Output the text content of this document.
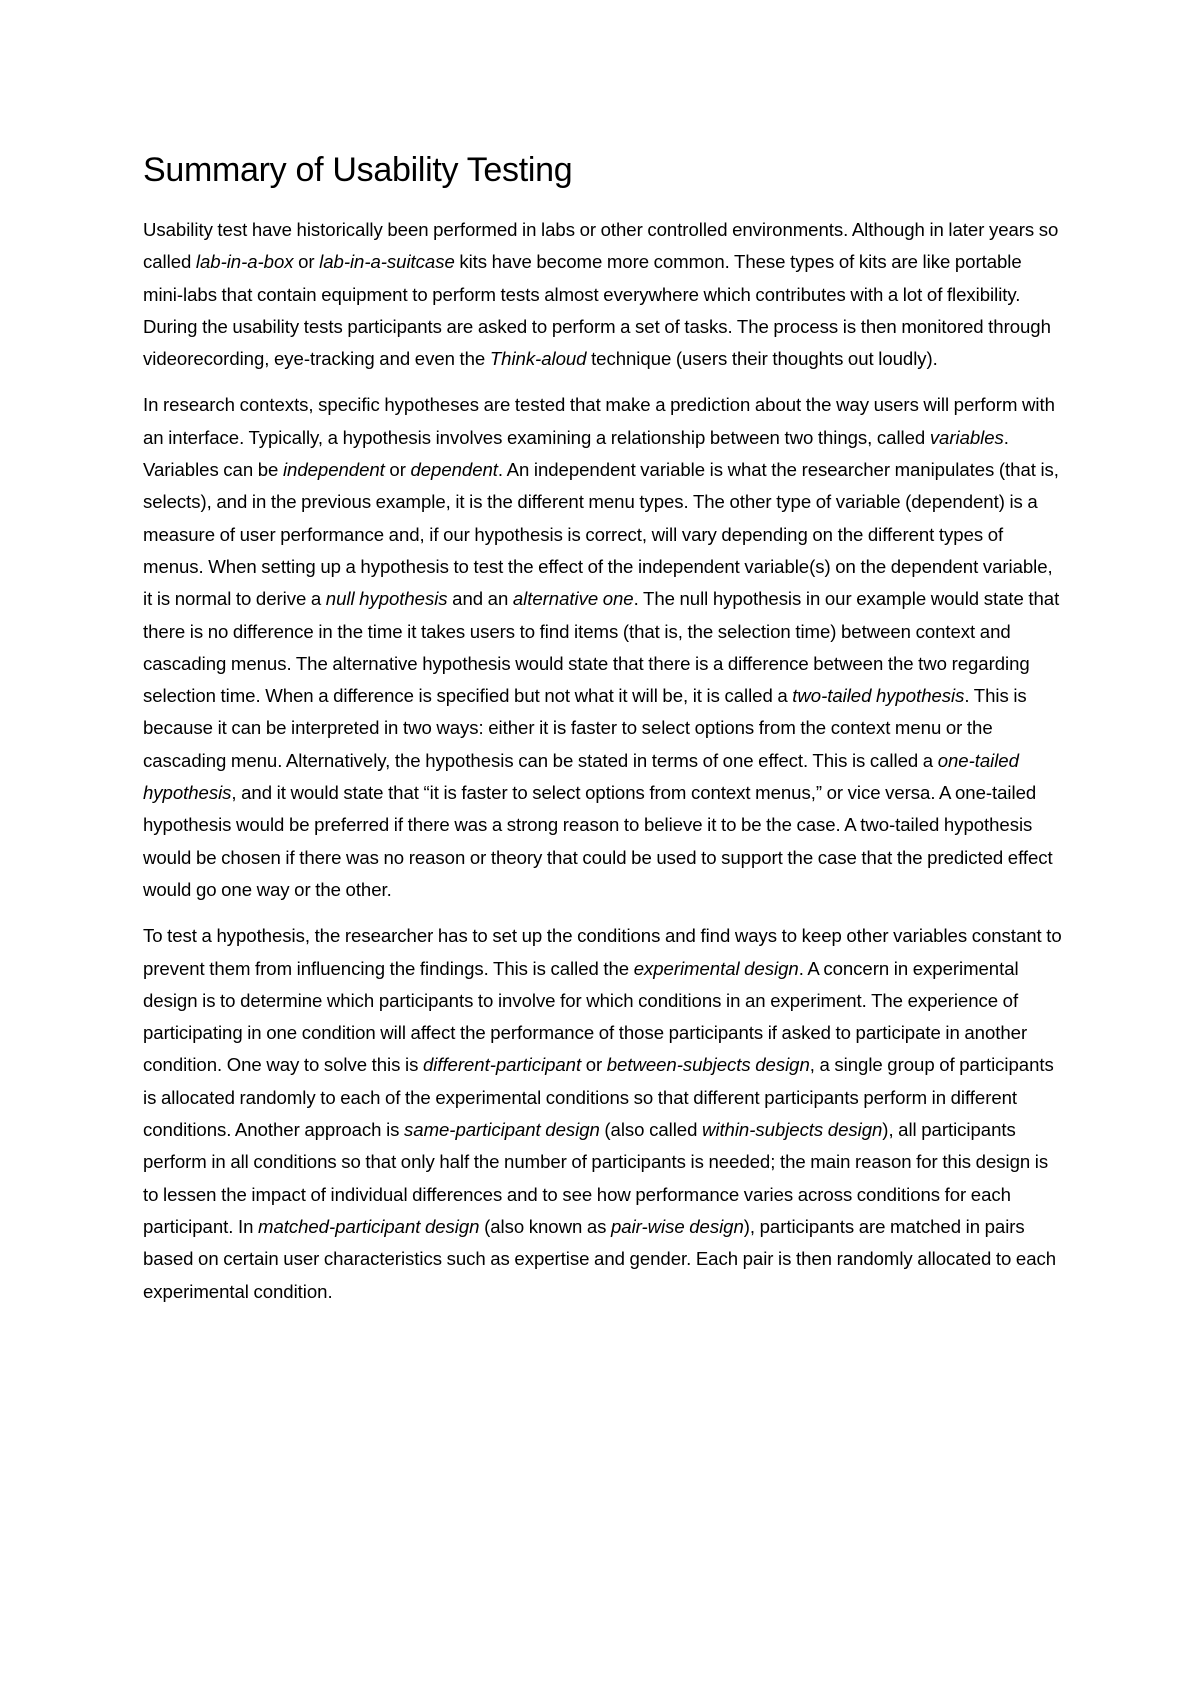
Summary of Usability Testing

Usability test have historically been performed in labs or other controlled environments. Although in later years so called lab-in-a-box or lab-in-a-suitcase kits have become more common. These types of kits are like portable mini-labs that contain equipment to perform tests almost everywhere which contributes with a lot of flexibility. During the usability tests participants are asked to perform a set of tasks. The process is then monitored through videorecording, eye-tracking and even the Think-aloud technique (users their thoughts out loudly).

In research contexts, specific hypotheses are tested that make a prediction about the way users will perform with an interface. Typically, a hypothesis involves examining a relationship between two things, called variables. Variables can be independent or dependent. An independent variable is what the researcher manipulates (that is, selects), and in the previous example, it is the different menu types. The other type of variable (dependent) is a measure of user performance and, if our hypothesis is correct, will vary depending on the different types of menus. When setting up a hypothesis to test the effect of the independent variable(s) on the dependent variable, it is normal to derive a null hypothesis and an alternative one. The null hypothesis in our example would state that there is no difference in the time it takes users to find items (that is, the selection time) between context and cascading menus. The alternative hypothesis would state that there is a difference between the two regarding selection time. When a difference is specified but not what it will be, it is called a two-tailed hypothesis. This is because it can be interpreted in two ways: either it is faster to select options from the context menu or the cascading menu. Alternatively, the hypothesis can be stated in terms of one effect. This is called a one-tailed hypothesis, and it would state that “it is faster to select options from context menus,” or vice versa. A one-tailed hypothesis would be preferred if there was a strong reason to believe it to be the case. A two-tailed hypothesis would be chosen if there was no reason or theory that could be used to support the case that the predicted effect would go one way or the other.

To test a hypothesis, the researcher has to set up the conditions and find ways to keep other variables constant to prevent them from influencing the findings. This is called the experimental design. A concern in experimental design is to determine which participants to involve for which conditions in an experiment. The experience of participating in one condition will affect the performance of those participants if asked to participate in another condition. One way to solve this is different-participant or between-subjects design, a single group of participants is allocated randomly to each of the experimental conditions so that different participants perform in different conditions. Another approach is same-participant design (also called within-subjects design), all participants perform in all conditions so that only half the number of participants is needed; the main reason for this design is to lessen the impact of individual differences and to see how performance varies across conditions for each participant. In matched-participant design (also known as pair-wise design), participants are matched in pairs based on certain user characteristics such as expertise and gender. Each pair is then randomly allocated to each experimental condition.
